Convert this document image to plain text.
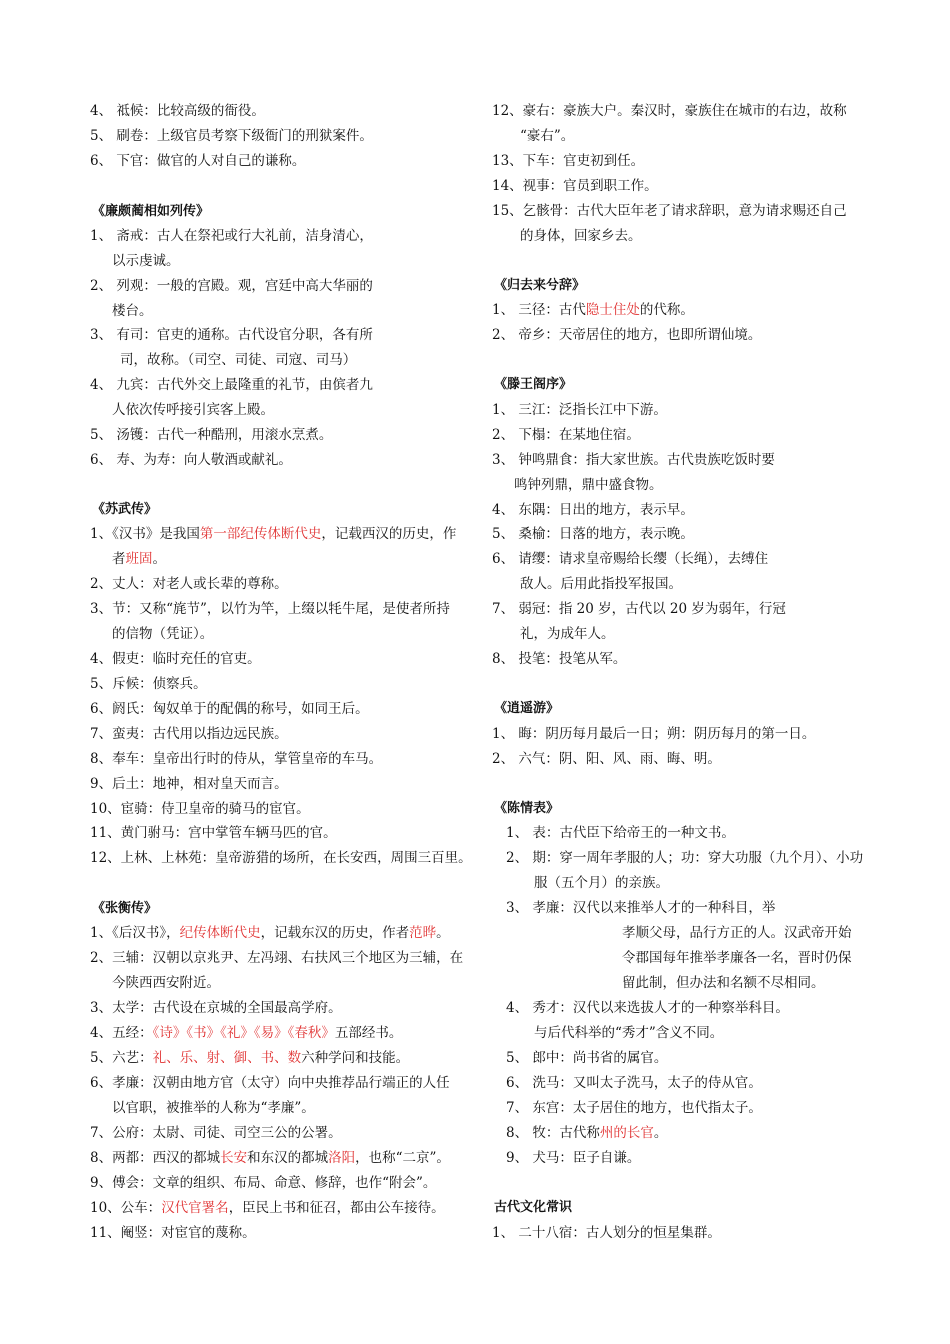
4、 祗候：比较高级的衙役。
5、 刷卷：上级官员考察下级衙门的刑狱案件。
6、 下官：做官的人对自己的谦称。
《廉颇蔺相如列传》
1、 斋戒：古人在祭祀或行大礼前，洁身清心，
以示虔诚。
2、 列观：一般的宫殿。观，宫廷中高大华丽的
楼台。
3、 有司：官吏的通称。古代设官分职，各有所
司，故称。（司空、司徒、司寇、司马）
4、 九宾：古代外交上最隆重的礼节，由傧者九
人依次传呼接引宾客上殿。
5、 汤镬：古代一种酷刑，用滚水烹煮。
6、 寿、为寿：向人敬酒或献礼。
《苏武传》
1、《汉书》是我国第一部纪传体断代史，记载西汉的历史，作
者班固。
2、丈人：对老人或长辈的尊称。
3、节：又称“旄节”，以竹为竿，上缀以牦牛尾，是使者所持
的信物（凭证）。
4、假吏：临时充任的官吏。
5、斥候：侦察兵。
6、阏氏：匈奴单于的配偶的称号，如同王后。
7、蛮夷：古代用以指边远民族。
8、奉车：皇帝出行时的侍从，掌管皇帝的车马。
9、后土：地神，相对皇天而言。
10、宦骑：侍卫皇帝的骑马的宦官。
11、黄门驸马：宫中掌管车辆马匹的官。
12、上林、上林苑：皇帝游猎的场所，在长安西，周围三百里。
《张衡传》
1、《后汉书》，纪传体断代史，记载东汉的历史，作者范晔。
2、三辅：汉朝以京兆尹、左冯翊、右扶风三个地区为三辅，在
今陕西西安附近。
3、太学：古代设在京城的全国最高学府。
4、五经：《诗》《书》《礼》《易》《春秋》五部经书。
5、六艺：礼、乐、射、御、书、数六种学问和技能。
6、孝廉：汉朝由地方官（太守）向中央推荐品行端正的人任
以官职，被推举的人称为“孝廉”。
7、公府：太尉、司徒、司空三公的公署。
8、两都：西汉的都城长安和东汉的都城洛阳，也称“二京”。
9、傅会：文章的组织、布局、命意、修辞，也作“附会”。
10、公车：汉代官署名，臣民上书和征召，都由公车接待。
11、阉竖：对宦官的蔑称。
12、豪右：豪族大户。秦汉时，豪族住在城市的右边，故称
“豪右”。
13、下车：官吏初到任。
14、视事：官员到职工作。
15、乞骸骨：古代大臣年老了请求辞职，意为请求赐还自己
的身体，回家乡去。
《归去来兮辞》
1、 三径：古代隐士住处的代称。
2、 帝乡：天帝居住的地方，也即所谓仙境。
《滕王阁序》
1、 三江：泛指长江中下游。
2、 下榻：在某地住宿。
3、 钟鸣鼎食：指大家世族。古代贵族吃饭时要
鸣钟列鼎，鼎中盛食物。
4、 东隅：日出的地方，表示早。
5、 桑榆：日落的地方，表示晚。
6、 请缨：请求皇帝赐给长缨（长绳），去缚住
敌人。后用此指投军报国。
7、 弱冠：指 20 岁，古代以 20 岁为弱年，行冠
礼，为成年人。
8、 投笔：投笔从军。
《逍遥游》
1、 晦：阴历每月最后一日；朔：阴历每月的第一日。
2、 六气：阴、阳、风、雨、晦、明。
《陈情表》
1、 表：古代臣下给帝王的一种文书。
2、 期：穿一周年孝服的人；功：穿大功服（九个月）、小功
服（五个月）的亲族。
3、 孝廉：汉代以来推举人才的一种科目，举
孝顺父母，品行方正的人。汉武帝开始
令郡国每年推举孝廉各一名，晋时仍保
留此制，但办法和名额不尽相同。
4、 秀才：汉代以来选拔人才的一种察举科目。
与后代科举的“秀才”含义不同。
5、 郎中：尚书省的属官。
6、 洗马：又叫太子洗马，太子的侍从官。
7、 东宫：太子居住的地方，也代指太子。
8、 牧：古代称州的长官。
9、 犬马：臣子自谦。
古代文化常识
1、 二十八宿：古人划分的恒星集群。
